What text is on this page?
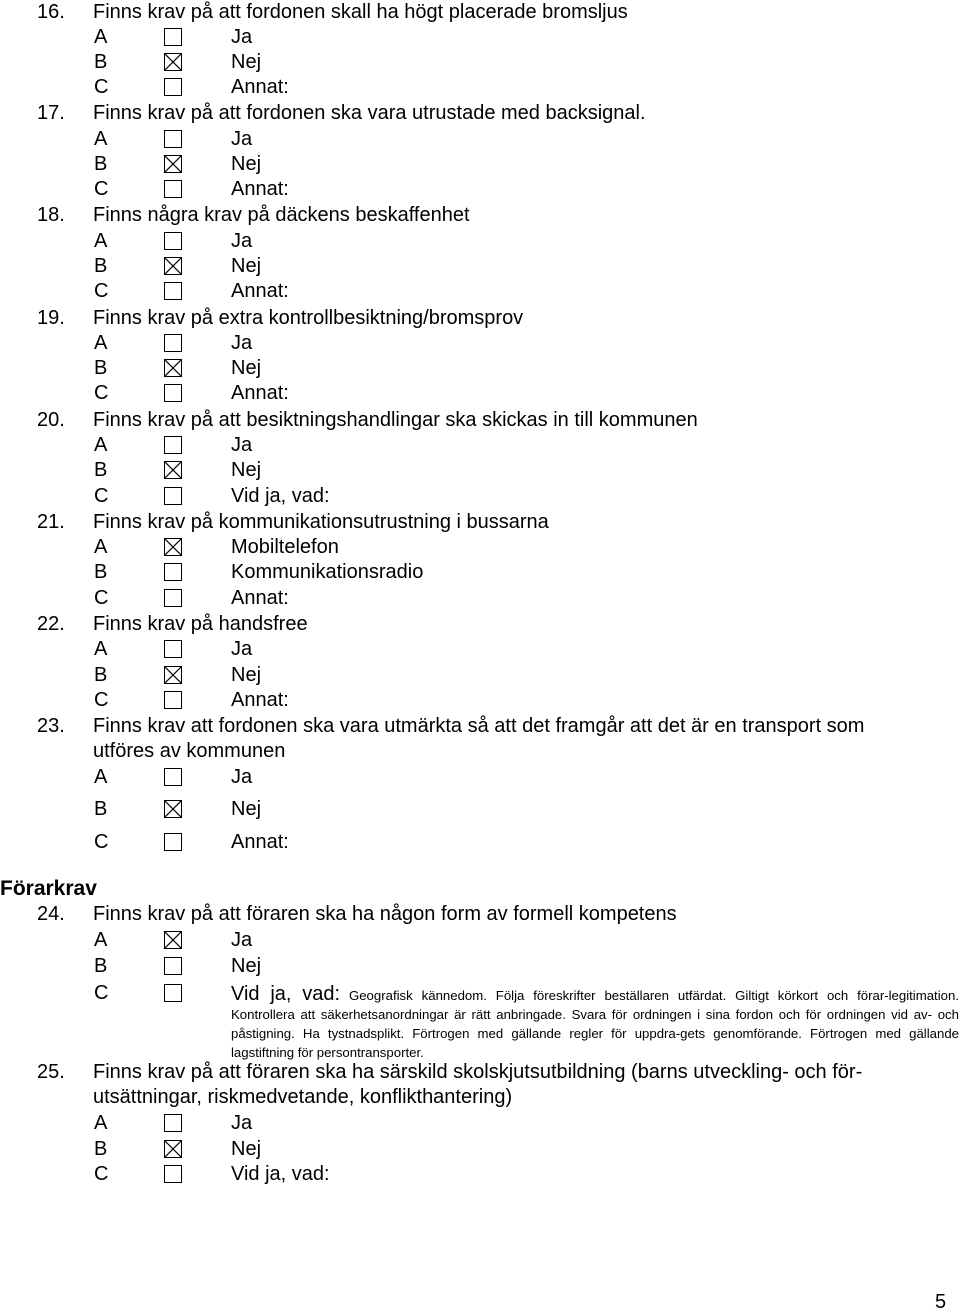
16. Finns krav på att fordonen skall ha högt placerade bromsljus
A	Ja
B	Nej
C	Annat:
17. Finns krav på att fordonen ska vara utrustade med backsignal.
A	Ja
B	Nej
C	Annat:
18. Finns några krav på däckens beskaffenhet
A	Ja
B	Nej
C	Annat:
19. Finns krav på extra kontrollbesiktning/bromsprov
A	Ja
B	Nej
C	Annat:
20. Finns krav på att besiktningshandlingar ska skickas in till kommunen
A	Ja
B	Nej
C	Vid ja, vad:
21. Finns krav på kommunikationsutrustning i bussarna
A	Mobiltelefon
B	Kommunikationsradio
C	Annat:
22. Finns krav på handsfree
A	Ja
B	Nej
C	Annat:
23. Finns krav att fordonen ska vara utmärkta så att det framgår att det är en transport som
utföres av kommunen
A	Ja
B	Nej
C	Annat:
Förarkrav
24. Finns krav på att föraren ska ha någon form av formell kompetens
A	Ja
B	Nej
C	Vid ja, vad: Geografisk kännedom. Följa föreskrifter beställaren utfärdat. Giltigt körkort och förar-legitimation. Kontrollera att säkerhetsanordningar är rätt anbringade. Svara för ordningen i sina fordon och för ordningen vid av- och påstigning. Ha tystnadsplikt. Förtrogen med gällande regler för uppdra-gets genomförande. Förtrogen med gällande lagstiftning för persontransporter.
25. Finns krav på att föraren ska ha särskild skolskjutsutbildning (barns utveckling- och för-
utsättningar, riskmedvetande, konflikthantering)
A	Ja
B	Nej
C	Vid ja, vad:
5
